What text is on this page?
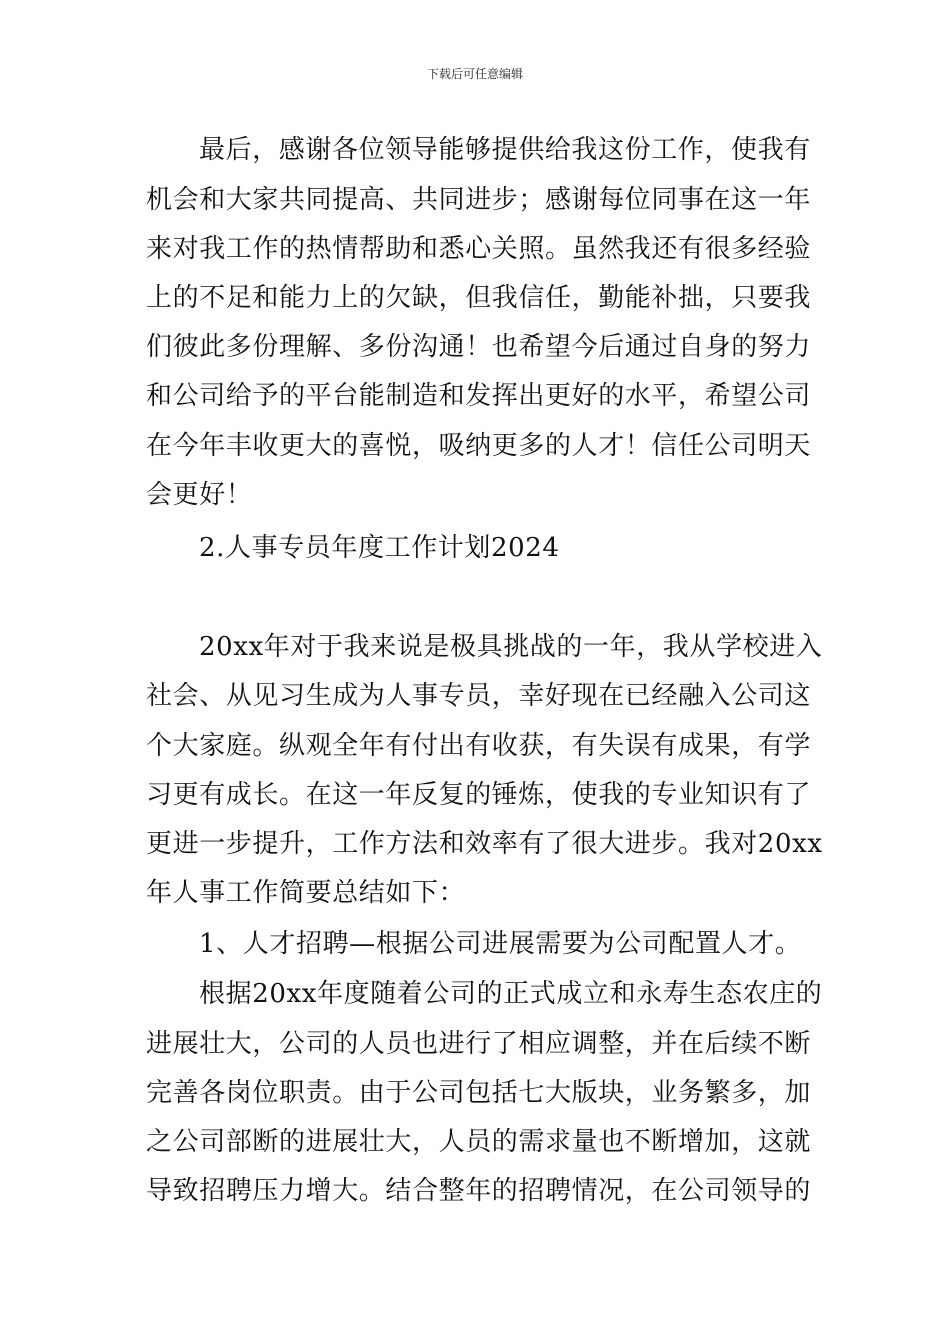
下载后可任意编辑
最后，感谢各位领导能够提供给我这份工作，使我有
机会和大家共同提高、共同进步；感谢每位同事在这一年
来对我工作的热情帮助和悉心关照。虽然我还有很多经验
上的不足和能力上的欠缺，但我信任，勤能补拙，只要我
们彼此多份理解、多份沟通！也希望今后通过自身的努力
和公司给予的平台能制造和发挥出更好的水平，希望公司
在今年丰收更大的喜悦，吸纳更多的人才！信任公司明天
会更好！
2.人事专员年度工作计划2024
20xx年对于我来说是极具挑战的一年，我从学校进入
社会、从见习生成为人事专员，幸好现在已经融入公司这
个大家庭。纵观全年有付出有收获，有失误有成果，有学
习更有成长。在这一年反复的锤炼，使我的专业知识有了
更进一步提升，工作方法和效率有了很大进步。我对20xx
年人事工作简要总结如下：
1、人才招聘—根据公司进展需要为公司配置人才。
根据20xx年度随着公司的正式成立和永寿生态农庄的
进展壮大，公司的人员也进行了相应调整，并在后续不断
完善各岗位职责。由于公司包括七大版块，业务繁多，加
之公司部断的进展壮大，人员的需求量也不断增加，这就
导致招聘压力增大。结合整年的招聘情况，在公司领导的
